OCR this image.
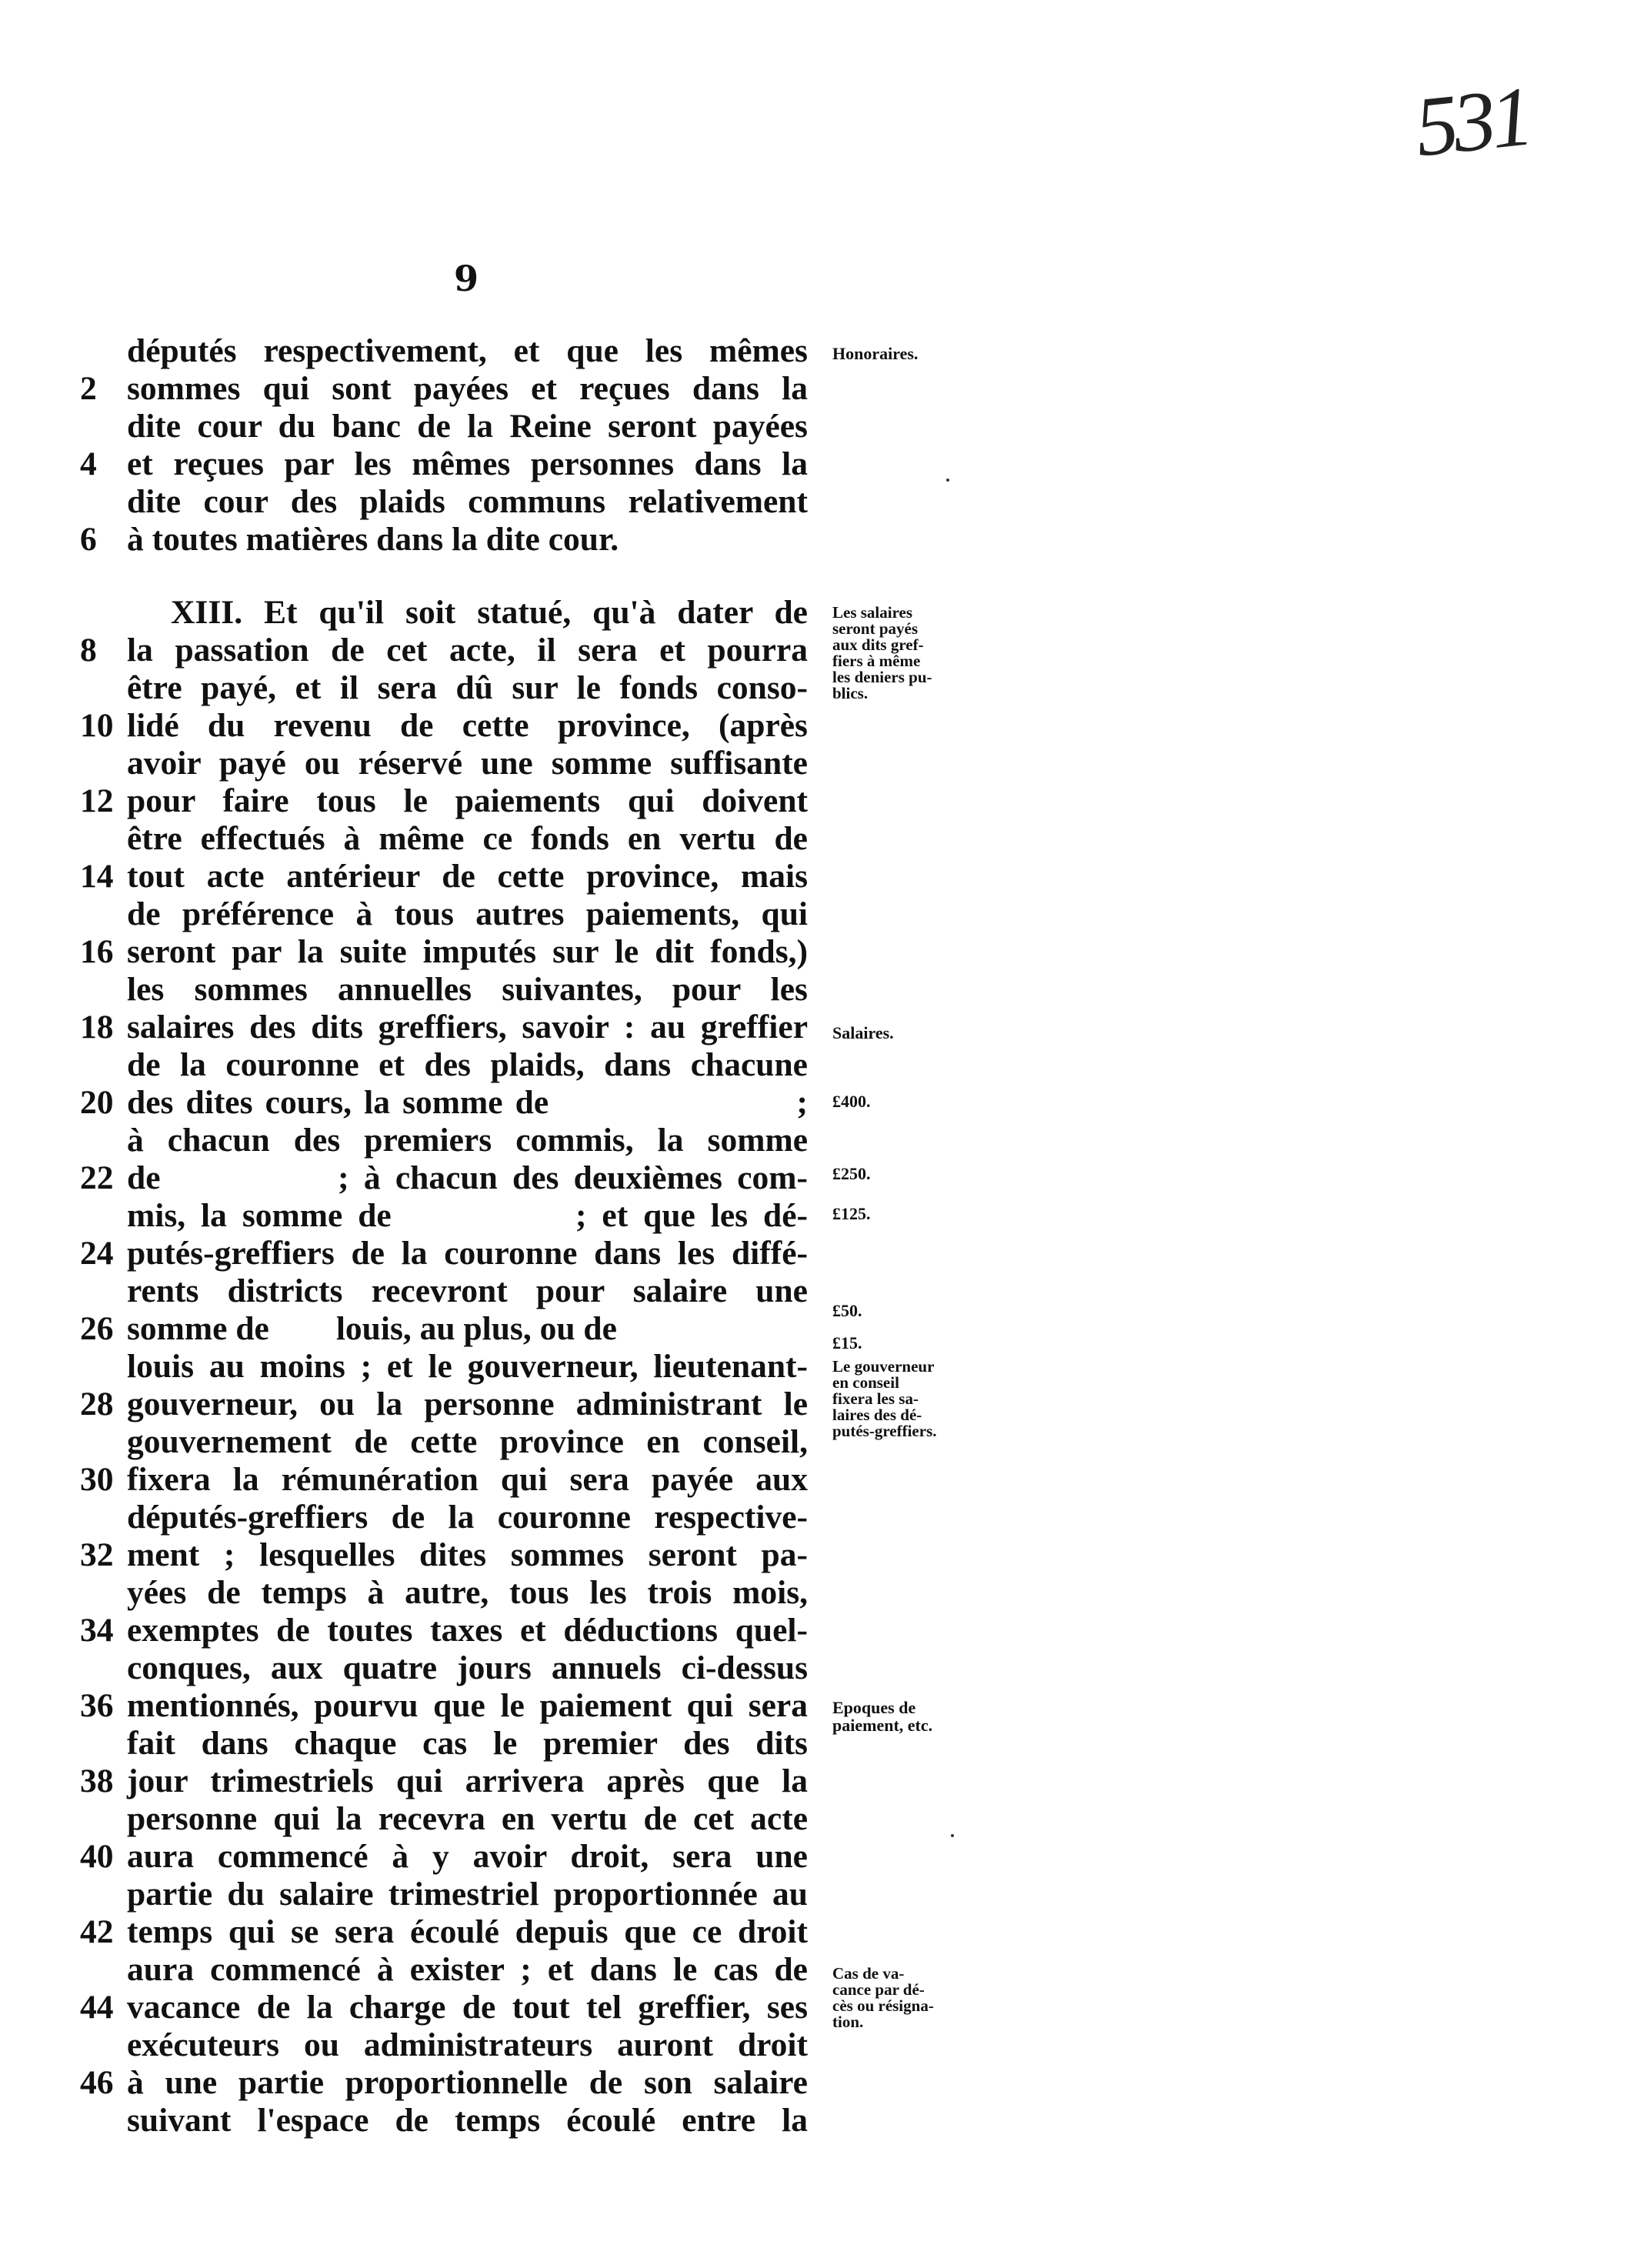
531
9
députés respectivement, et que les mêmes
2 sommes qui sont payées et reçues dans la
dite cour du banc de la Reine seront payées
4 et reçues par les mêmes personnes dans la
dite cour des plaids communs relativement
6 à toutes matières dans la dite cour.
XIII. Et qu'il soit statué, qu'à dater de
8 la passation de cet acte, il sera et pourra
être payé, et il sera dû sur le fonds conso-
10 lidé du revenu de cette province, (après
avoir payé ou réservé une somme suffisante
12 pour faire tous le paiements qui doivent
être effectués à même ce fonds en vertu de
14 tout acte antérieur de cette province, mais
de préférence à tous autres paiements, qui
16 seront par la suite imputés sur le dit fonds,)
les sommes annuelles suivantes, pour les
18 salaires des dits greffiers, savoir : au greffier
de la couronne et des plaids, dans chacune
20 des dites cours, la somme de                    ;
à chacun des premiers commis, la somme
22 de            ; à chacun des deuxièmes com-
mis, la somme de            ; et que les dé-
24 putés-greffiers de la couronne dans les diffé-
rents districts recevront pour salaire une
26 somme de        louis, au plus, ou de
louis au moins ; et le gouverneur, lieutenant-
28 gouverneur, ou la personne administrant le
gouvernement de cette province en conseil,
30 fixera la rémunération qui sera payée aux
députés-greffiers de la couronne respective-
32 ment ; lesquelles dites sommes seront pa-
yées de temps à autre, tous les trois mois,
34 exemptes de toutes taxes et déductions quel-
conques, aux quatre jours annuels ci-dessus
36 mentionnés, pourvu que le paiement qui sera
fait dans chaque cas le premier des dits
38 jour trimestriels qui arrivera après que la
personne qui la recevra en vertu de cet acte
40 aura commencé à y avoir droit, sera une
partie du salaire trimestriel proportionnée au
42 temps qui se sera écoulé depuis que ce droit
aura commencé à exister ; et dans le cas de
44 vacance de la charge de tout tel greffier, ses
exécuteurs ou administrateurs auront droit
46 à une partie proportionnelle de son salaire
suivant l'espace de temps écoulé entre la
Honoraires.
Les salaires
seront payés
aux dits gref-
fiers à même
les deniers pu-
blics.
Salaires.
£400.
£250.
£125.
£50.
£15.
Le gouverneur
en conseil
fixera les sa-
laires des dé-
putés-greffiers.
Epoques de
paiement, etc.
Cas de va-
cance par dé-
cès ou résigna-
tion.
